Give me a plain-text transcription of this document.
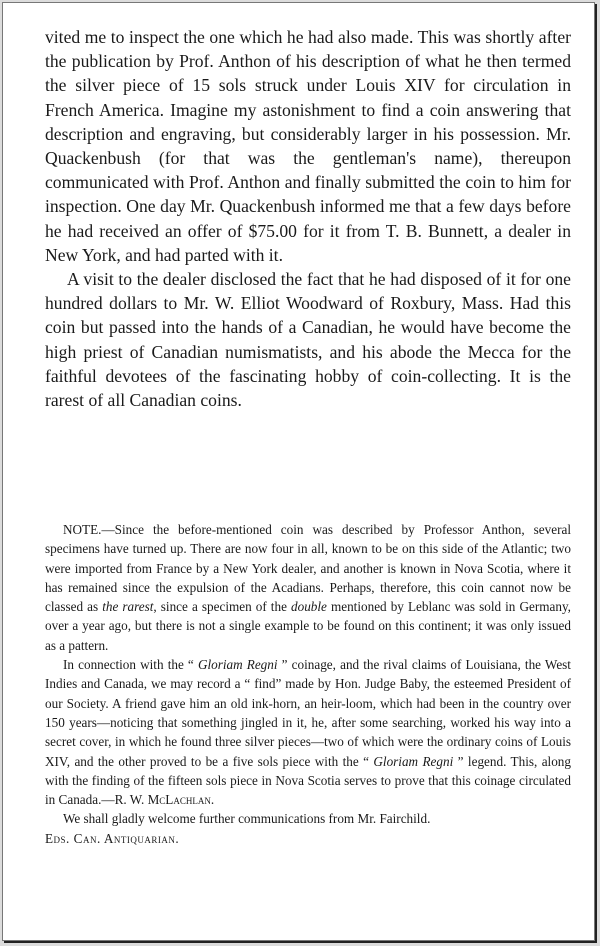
vited me to inspect the one which he had also made. This was shortly after the publication by Prof. Anthon of his description of what he then termed the silver piece of 15 sols struck under Louis XIV for circulation in French America. Imagine my astonishment to find a coin answering that description and engraving, but considerably larger in his possession. Mr. Quackenbush (for that was the gentleman's name), thereupon communicated with Prof. Anthon and finally submitted the coin to him for inspection. One day Mr. Quackenbush informed me that a few days before he had received an offer of $75.00 for it from T. B. Bunnett, a dealer in New York, and had parted with it.

A visit to the dealer disclosed the fact that he had disposed of it for one hundred dollars to Mr. W. Elliot Woodward of Roxbury, Mass. Had this coin but passed into the hands of a Canadian, he would have become the high priest of Canadian numismatists, and his abode the Mecca for the faithful devotees of the fascinating hobby of coin-collecting. It is the rarest of all Canadian coins.

NOTE.—Since the before-mentioned coin was described by Professor Anthon, several specimens have turned up. There are now four in all, known to be on this side of the Atlantic; two were imported from France by a New York dealer, and another is known in Nova Scotia, where it has remained since the expulsion of the Acadians. Perhaps, therefore, this coin cannot now be classed as the rarest, since a specimen of the double mentioned by Leblanc was sold in Germany, over a year ago, but there is not a single example to be found on this continent; it was only issued as a pattern.

In connection with the “ Gloriam Regni ” coinage, and the rival claims of Louisiana, the West Indies and Canada, we may record a “ find” made by Hon. Judge Baby, the esteemed President of our Society. A friend gave him an old ink-horn, an heir-loom, which had been in the country over 150 years—noticing that something jingled in it, he, after some searching, worked his way into a secret cover, in which he found three silver pieces—two of which were the ordinary coins of Louis XIV, and the other proved to be a five sols piece with the “ Gloriam Regni ” legend. This, along with the finding of the fifteen sols piece in Nova Scotia serves to prove that this coinage circulated in Canada.—R. W. McLachlan.

We shall gladly welcome further communications from Mr. Fairchild.

Eds. Can. Antiquarian.
